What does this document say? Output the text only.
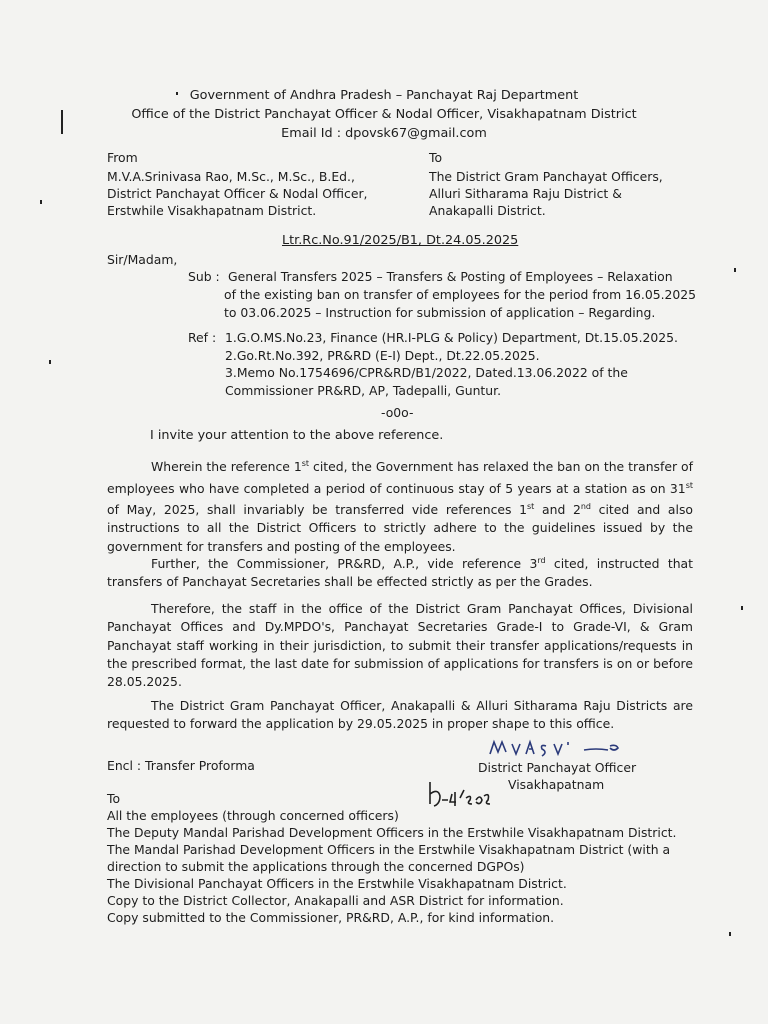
Government of Andhra Pradesh – Panchayat Raj Department
Office of the District Panchayat Officer & Nodal Officer, Visakhapatnam District
Email Id : dpovsk67@gmail.com
From
M.V.A.Srinivasa Rao, M.Sc., M.Sc., B.Ed.,
District Panchayat Officer & Nodal Officer,
Erstwhile Visakhapatnam District.
To
The District Gram Panchayat Officers,
Alluri Sitharama Raju District &
Anakapalli District.
Ltr.Rc.No.91/2025/B1, Dt.24.05.2025
Sir/Madam,
Sub : General Transfers 2025 – Transfers & Posting of Employees – Relaxation
of the existing ban on transfer of employees for the period from 16.05.2025
to 03.06.2025 – Instruction for submission of application – Regarding.
Ref : 1.G.O.MS.No.23, Finance (HR.I-PLG & Policy) Department, Dt.15.05.2025.
2.Go.Rt.No.392, PR&RD (E-I) Dept., Dt.22.05.2025.
3.Memo No.1754696/CPR&RD/B1/2022, Dated.13.06.2022 of the
Commissioner PR&RD, AP, Tadepalli, Guntur.
-o0o-
I invite your attention to the above reference.
Wherein the reference 1st cited, the Government has relaxed the ban on the transfer of employees who have completed a period of continuous stay of 5 years at a station as on 31st of May, 2025, shall invariably be transferred vide references 1st and 2nd cited and also instructions to all the District Officers to strictly adhere to the guidelines issued by the government for transfers and posting of the employees.
Further, the Commissioner, PR&RD, A.P., vide reference 3rd cited, instructed that transfers of Panchayat Secretaries shall be effected strictly as per the Grades.
Therefore, the staff in the office of the District Gram Panchayat Offices, Divisional Panchayat Offices and Dy.MPDO's, Panchayat Secretaries Grade-I to Grade-VI, & Gram Panchayat staff working in their jurisdiction, to submit their transfer applications/requests in the prescribed format, the last date for submission of applications for transfers is on or before 28.05.2025.
The District Gram Panchayat Officer, Anakapalli & Alluri Sitharama Raju Districts are requested to forward the application by 29.05.2025 in proper shape to this office.
Encl : Transfer Proforma	District Panchayat Officer
Visakhapatnam
To
All the employees (through concerned officers)
The Deputy Mandal Parishad Development Officers in the Erstwhile Visakhapatnam District.
The Mandal Parishad Development Officers in the Erstwhile Visakhapatnam District (with a
direction to submit the applications through the concerned DGPOs)
The Divisional Panchayat Officers in the Erstwhile Visakhapatnam District.
Copy to the District Collector, Anakapalli and ASR District for information.
Copy submitted to the Commissioner, PR&RD, A.P., for kind information.
